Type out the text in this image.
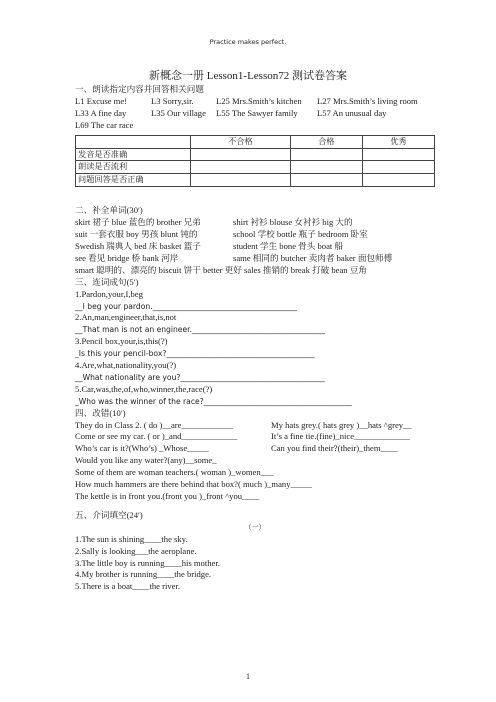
Practice makes perfect.
新概念一册 Lesson1-Lesson72 测试卷答案
一、朗读指定内容并回答相关问题
L1 Excuse me!	L3 Sorry,sir.	L25 Mrs.Smith’s kitchen L27 Mrs.Smith’s living room
L33 A fine day	L35 Our village L55 The Sawyer family L57 An unusual day
L69 The car race
	不合格	合格	优秀
发音是否准确			
朗读是否流利			
问题回答是否正确			
二、补全单词(30′)
skirt 裙子 blue 蓝色的 brother 兄弟	shirt 衬衫 blouse 女衬衫 big 大的
suit 一套衣服 boy 男孩 blunt 钝的	school 学校 bottle 瓶子 bedroom 卧室
Swedish 瑞典人 bed 床 basket 篮子	student 学生 bone 骨头 boat 船
see 看见 bridge 桥 bank 河岸	same 相同的 butcher 卖肉者 baker 面包师傅
smart 聪明的、漂亮的 biscuit 饼干 better 更好 sales 推销的 break 打破 bean 豆角
三、连词成句(5′)
1.Pardon,your,I,beg
__I beg your pardon.______________________________________
2.An,man,engineer,that,is,not
__That man is not an engineer.___________________________________
3.Pencil box,your,is,this(?)
_Is this your pencil-box?_______________________________________
4.Are,what,nationality,you(?)
__What nationality are you?______________________________________
5.Car,was,the,of,who,winner,the,race(?)
_Who was the winner of the race?_______________________________________
四、改错(10′)
They do in Class 2. ( do )__are____________	My hats grey.( hats grey )__hats ^grey__
Come or see my car. ( or )_and_____________	It’s a fine tie.(fine)_nice_____________
Who’s car is it?(Who’s) _Whose_____	Can you find their?(their)_them____
Would you like any water?(any)__some_
Some of them are woman teachers.( woman )_women___
How much hammers are there behind that box?( much )_many_____
The kettle is in front you.(front you )_front ^you____
五、介词填空(24′)
（一）
1.The sun is shining____the sky.
2.Sally is looking___the aeroplane.
3.The little boy is running____his mother.
4.My brother is running____the bridge.
5.There is a boat____the river.
1
